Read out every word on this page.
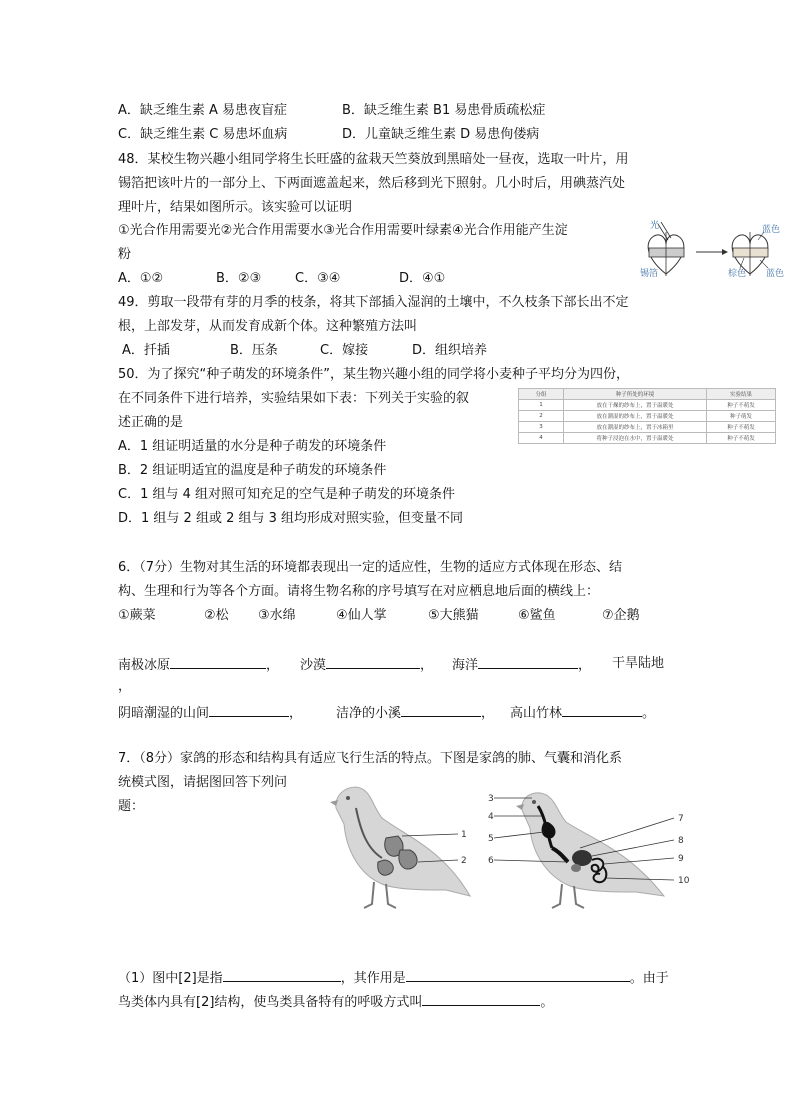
A．缺乏维生素 A 易患夜盲症	B．缺乏维生素 B1 易患骨质疏松症
C．缺乏维生素 C 易患坏血病	D．儿童缺乏维生素 D 易患佝偻病
48．某校生物兴趣小组同学将生长旺盛的盆栽天竺葵放到黑暗处一昼夜，选取一叶片，用
锡箔把该叶片的一部分上、下两面遮盖起来，然后移到光下照射。几小时后，用碘蒸汽处
理叶片，结果如图所示。该实验可以证明
①光合作用需要光②光合作用需要水③光合作用需要叶绿素④光合作用能产生淀
粉
A．①②	B．②③	C．③④	D．④①
光
锡箔
蓝色
棕色 蓝色
49．剪取一段带有芽的月季的枝条，将其下部插入湿润的土壤中，不久枝条下部长出不定
根，上部发芽，从而发育成新个体。这种繁殖方法叫
A．扦插	B．压条	C．嫁接	D．组织培养
50．为了探究“种子萌发的环境条件”，某生物兴趣小组的同学将小麦种子平均分为四份，
在不同条件下进行培养，实验结果如下表：下列关于实验的叙
述正确的是
A．1 组证明适量的水分是种子萌发的环境条件
B．2 组证明适宜的温度是种子萌发的环境条件
C．1 组与 4 组对照可知充足的空气是种子萌发的环境条件
D．1 组与 2 组或 2 组与 3 组均形成对照实验，但变量不同
分组	种子所处的环境	实验结果
1	放在干燥的纱布上，置于温暖处	种子不萌发
2	放在潮湿的纱布上，置于温暖处	种子萌发
3	放在潮湿的纱布上，置于冰箱里	种子不萌发
4	将种子浸泡在水中，置于温暖处	种子不萌发
6．（7分）生物对其生活的环境都表现出一定的适应性，生物的适应方式体现在形态、结
构、生理和行为等各个方面。请将生物名称的序号填写在对应栖息地后面的横线上：
①蕨菜	②松 ③水绵	④仙人掌	⑤大熊猫	⑥鲨鱼	⑦企鹅
南极冰原	， 沙漠	， 海洋	， 干旱陆地
，
阴暗潮湿的山间	，	洁净的小溪	， 高山竹林	。
7．（8分）家鸽的形态和结构具有适应飞行生活的特点。下图是家鸽的肺、气囊和消化系
统模式图，请据图回答下列问
题：
1
2
3
4
5
6
7
8
9
10
（1）图中[2]是指	，其作用是	。由于
鸟类体内具有[2]结构，使鸟类具备特有的呼吸方式叫	。
